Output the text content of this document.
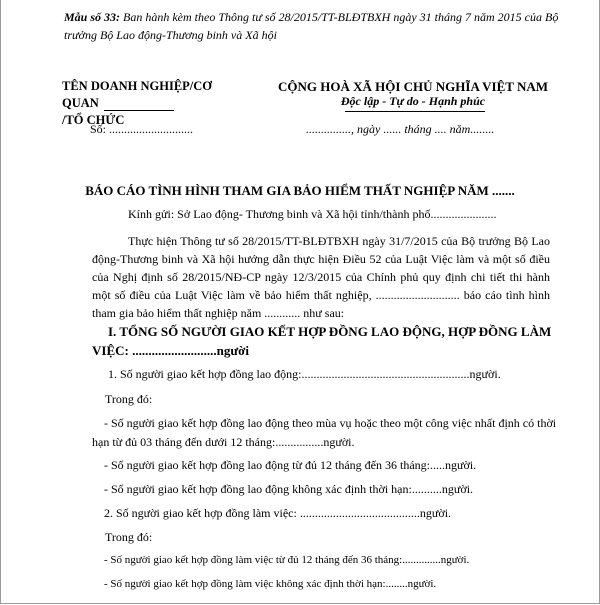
Mẫu số 33: Ban hành kèm theo Thông tư số 28/2015/TT-BLĐTBXH ngày 31 tháng 7 năm 2015 của Bộ trưởng Bộ Lao động-Thương binh và Xã hội

TÊN DOANH NGHIỆP/CƠ QUAN
/TỔ CHỨC
CỘNG HOÀ XÃ HỘI CHỦ NGHĨA VIỆT NAM
Độc lập - Tự do - Hạnh phúc
Số: ............................	..............., ngày ...... tháng .... năm........
BÁO CÁO TÌNH HÌNH THAM GIA BẢO HIỂM THẤT NGHIỆP NĂM .......
Kính gửi: Sở Lao động- Thương binh và Xã hội tỉnh/thành phố......................

Thực hiện Thông tư số 28/2015/TT-BLĐTBXH ngày 31/7/2015 của Bộ trưởng Bộ Lao động-Thương binh và Xã hội hướng dẫn thực hiện Điều 52 của Luật Việc làm và một số điều của Nghị định số 28/2015/NĐ-CP ngày 12/3/2015 của Chính phủ quy định chi tiết thi hành một số điều của Luật Việc làm về bảo hiểm thất nghiệp, ............................ báo cáo tình hình tham gia bảo hiểm thất nghiệp năm ............ như sau:

I. TỔNG SỐ NGƯỜI GIAO KẾT HỢP ĐỒNG LAO ĐỘNG, HỢP ĐỒNG LÀM VIỆC: ..........................người

1. Số người giao kết hợp đồng lao động:........................................................người.

Trong đó:

- Số người giao kết hợp đồng lao động theo mùa vụ hoặc theo một công việc nhất định có thời hạn từ đủ 03 tháng đến dưới 12 tháng:................người.

- Số người giao kết hợp đồng lao động từ đủ 12 tháng đến 36 tháng:.....người.

- Số người giao kết hợp đồng lao động không xác định thời hạn:..........người.

2. Số người giao kết hợp đồng làm việc: ........................................người.

Trong đó:

- Số người giao kết hợp đồng làm việc từ đủ 12 tháng đến 36 tháng:..............người.

- Số người giao kết hợp đồng làm việc không xác định thời hạn:........người.
